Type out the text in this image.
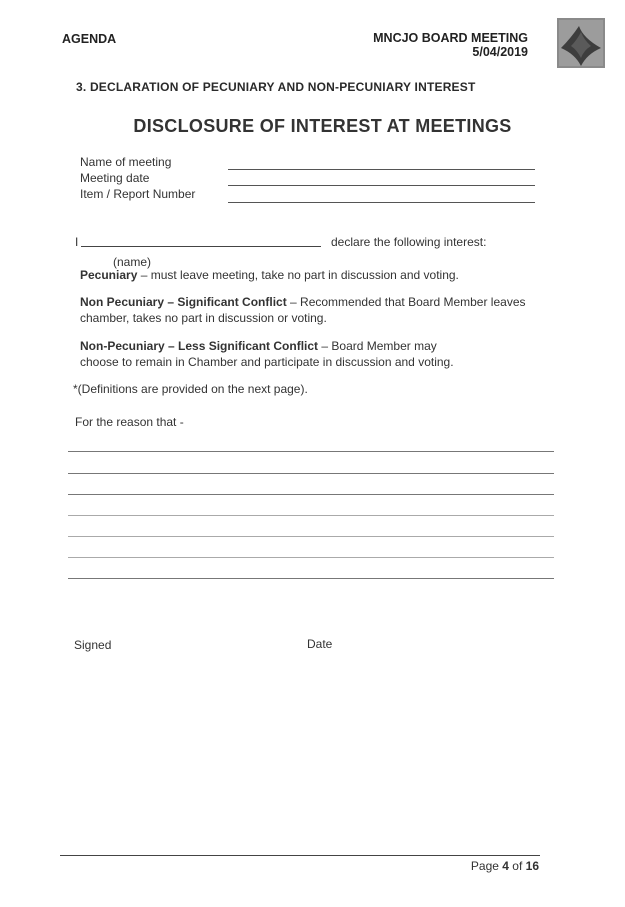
AGENDA	MNCJO BOARD MEETING
5/04/2019
3. DECLARATION OF PECUNIARY AND NON-PECUNIARY INTEREST
DISCLOSURE OF INTEREST AT MEETINGS
Name of meeting
Meeting date
Item / Report Number
I	declare the following interest:
(name)
Pecuniary – must leave meeting, take no part in discussion and voting.
Non Pecuniary – Significant Conflict – Recommended that Board Member leaves
chamber, takes no part in discussion or voting.
Non-Pecuniary – Less Significant Conflict – Board Member may
choose to remain in Chamber and participate in discussion and voting.
*(Definitions are provided on the next page).
For the reason that -
Signed	Date
Page 4 of 16
